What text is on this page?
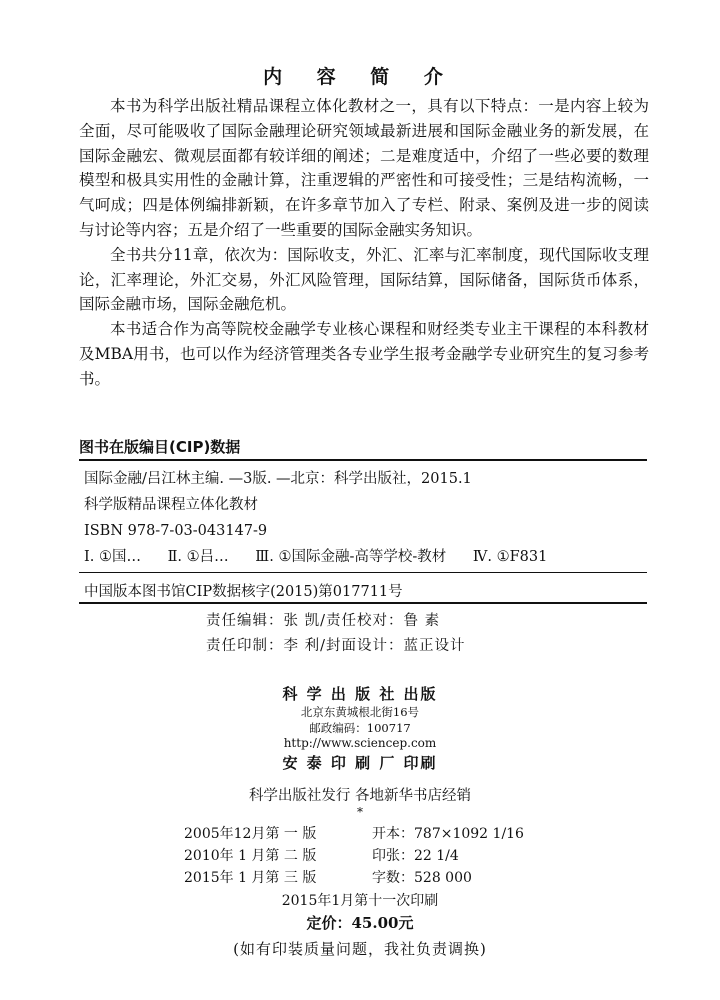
内 容 简 介

本书为科学出版社精品课程立体化教材之一，具有以下特点：一是内容上较为全面，尽可能吸收了国际金融理论研究领域最新进展和国际金融业务的新发展，在国际金融宏、微观层面都有较详细的阐述；二是难度适中，介绍了一些必要的数理模型和极具实用性的金融计算，注重逻辑的严密性和可接受性；三是结构流畅，一气呵成；四是体例编排新颖，在许多章节加入了专栏、附录、案例及进一步的阅读与讨论等内容；五是介绍了一些重要的国际金融实务知识。

全书共分11章，依次为：国际收支，外汇、汇率与汇率制度，现代国际收支理论，汇率理论，外汇交易，外汇风险管理，国际结算，国际储备，国际货币体系，国际金融市场，国际金融危机。

本书适合作为高等院校金融学专业核心课程和财经类专业主干课程的本科教材及MBA用书，也可以作为经济管理类各专业学生报考金融学专业研究生的复习参考书。

图书在版编目(CIP)数据
国际金融/吕江林主编. —3版. —北京：科学出版社，2015.1
科学版精品课程立体化教材
ISBN 978-7-03-043147-9
Ⅰ. ①国… Ⅱ. ①吕… Ⅲ. ①国际金融-高等学校-教材 Ⅳ. ①F831
中国版本图书馆CIP数据核字(2015)第017711号
责任编辑：张 凯/责任校对：鲁 素
责任印制：李 利/封面设计：蓝正设计
科 学 出 版 社 出版
北京东黄城根北街16号
邮政编码：100717
http://www.sciencep.com
安 泰 印 刷 厂 印刷
科学出版社发行 各地新华书店经销
*
2005年12月第 一 版	开本：787×1092 1/16
2010年 1 月第 二 版	印张：22 1/4
2015年 1 月第 三 版	字数：528 000
2015年1月第十一次印刷
定价：45.00元
(如有印装质量问题，我社负责调换)
